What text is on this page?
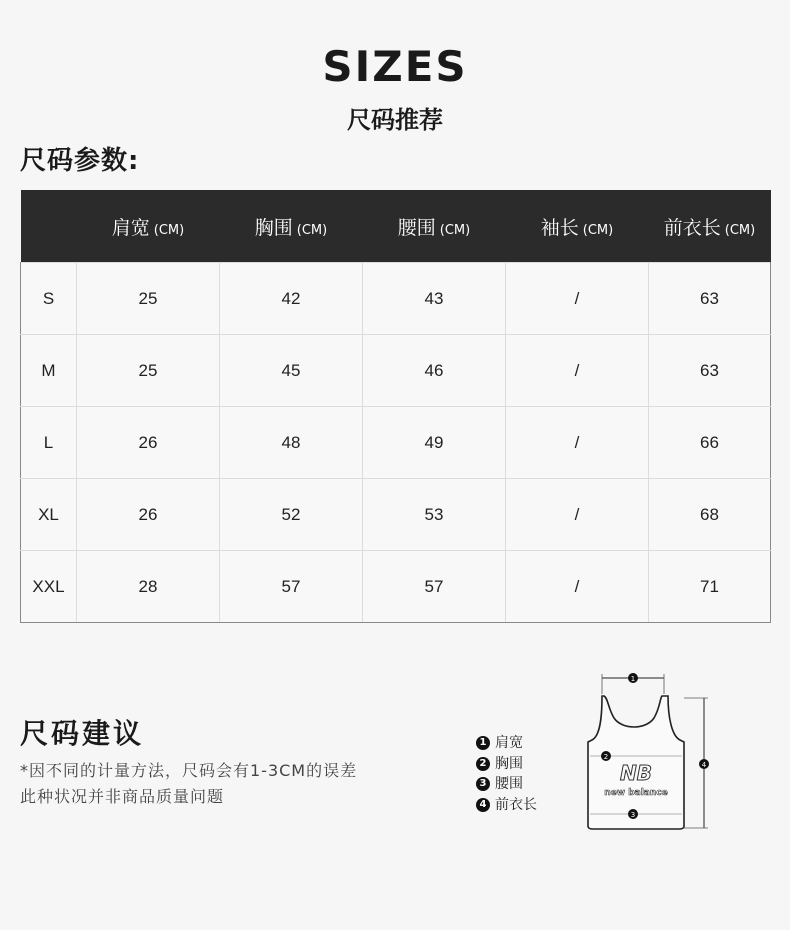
SIZES
尺码推荐
尺码参数:
	肩宽 (CM)	胸围 (CM)	腰围 (CM)	袖长 (CM)	前衣长 (CM)
S	25	42	43	/	63
M	25	45	46	/	63
L	26	48	49	/	66
XL	26	52	53	/	68
XXL	28	57	57	/	71
尺码建议
*因不同的计量方法，尺码会有1-3CM的误差
此种状况并非商品质量问题
1 肩宽
2 胸围
3 腰围
4 前衣长
1
2
NB
new balance
3
4
